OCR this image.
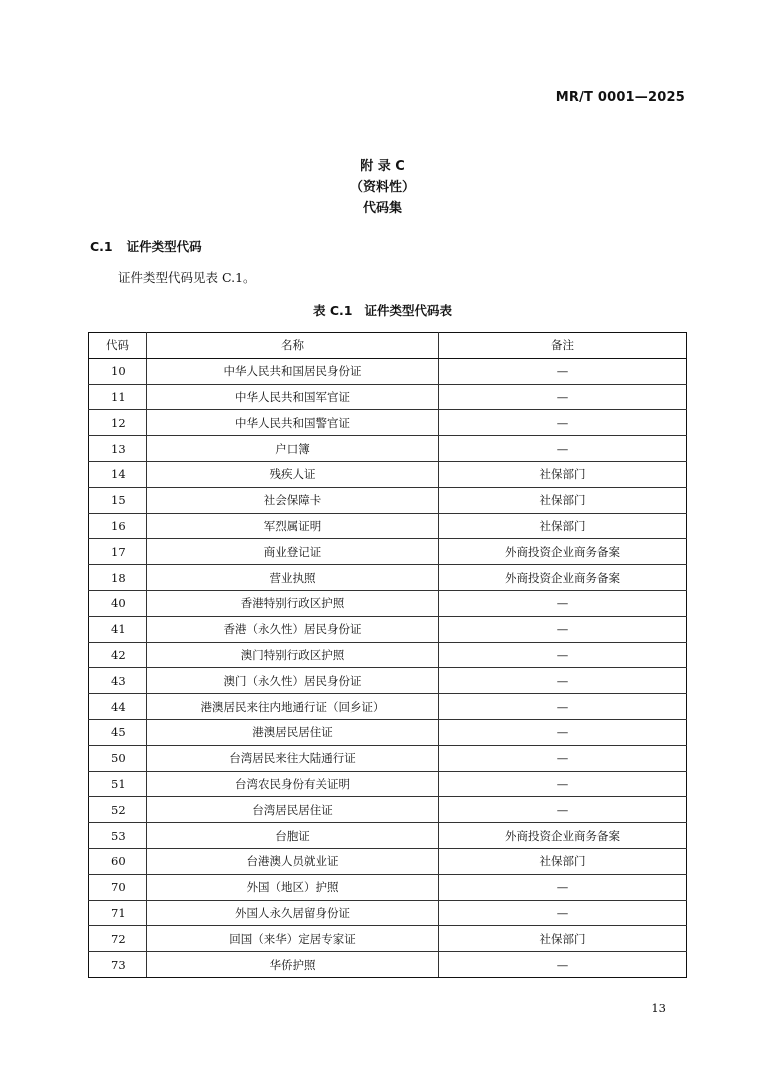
MR/T 0001—2025
附 录 C
（资料性）
代码集
C.1 证件类型代码
证件类型代码见表 C.1。
表 C.1 证件类型代码表
代码	名称	备注
10	中华人民共和国居民身份证	—
11	中华人民共和国军官证	—
12	中华人民共和国警官证	—
13	户口簿	—
14	残疾人证	社保部门
15	社会保障卡	社保部门
16	军烈属证明	社保部门
17	商业登记证	外商投资企业商务备案
18	营业执照	外商投资企业商务备案
40	香港特别行政区护照	—
41	香港（永久性）居民身份证	—
42	澳门特别行政区护照	—
43	澳门（永久性）居民身份证	—
44	港澳居民来往内地通行证（回乡证）	—
45	港澳居民居住证	—
50	台湾居民来往大陆通行证	—
51	台湾农民身份有关证明	—
52	台湾居民居住证	—
53	台胞证	外商投资企业商务备案
60	台港澳人员就业证	社保部门
70	外国（地区）护照	—
71	外国人永久居留身份证	—
72	回国（来华）定居专家证	社保部门
73	华侨护照	—
13
